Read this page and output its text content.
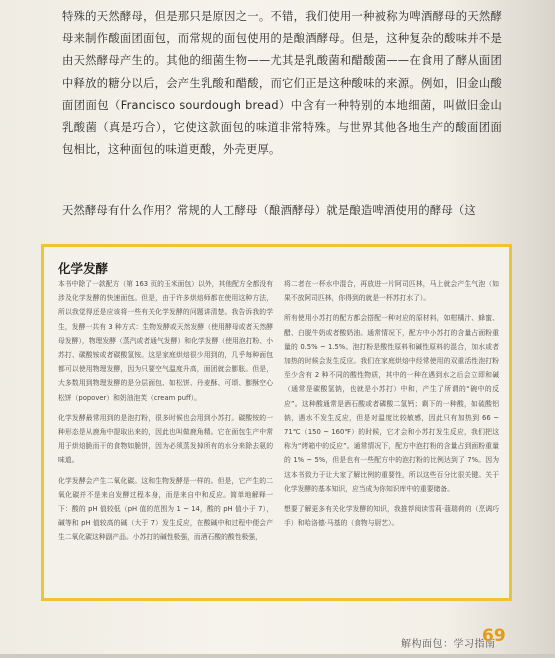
特殊的天然酵母，但是那只是原因之一。不错，我们使用一种被称为啤酒酵母的天然酵母来制作酸面团面包，而常规的面包使用的是酿酒酵母。但是，这种复杂的酸味并不是由天然酵母产生的。其他的细菌生物——尤其是乳酸菌和醋酸菌——在食用了酵从面团中释放的糖分以后，会产生乳酸和醋酸，而它们正是这种酸味的来源。例如，旧金山酸面团面包（Francisco sourdough bread）中含有一种特别的本地细菌，叫做旧金山乳酸菌（真是巧合），它使这款面包的味道非常特殊。与世界其他各地生产的酸面团面包相比，这种面包的味道更酸，外壳更厚。

天然酵母有什么作用？常规的人工酵母（酿酒酵母）就是酿造啤酒使用的酵母（这

化学发酵

本书中除了一款配方（第 163 页的玉米面包）以外，其他配方全都没有涉及化学发酵的快速面包。但是，由于许多烘焙师都在使用这种方法，所以我觉得还是应该将一些有关化学发酵的问题讲清楚。我告诉我的学生，发酵一共有 3 种方式：生物发酵或天然发酵（使用酵母或者天然酵母发酵），物理发酵（蒸汽或者通气发酵）和化学发酵（使用泡打粉、小苏打、碳酸铵或者碳酸氢铵。这是家庭烘焙很少用到的，几乎每种面包都可以使用物理发酵，因为只要空气温度升高，面团就会膨胀。但是，大多数用到物理发酵的是分层面包、如松饼、丹麦酥、可颂、膨酥空心松饼（popover）和奶油泡芙（cream puff）。

化学发酵最常用到的是泡打粉，很多时候也会用到小苏打。碳酸铵的一种形态是从鹿角中提取出来的，因此也叫做鹿角精。它在面包生产中常用于烘焙脆而干的食物如脆饼，因为必须蒸发掉所有的水分来除去氨的味道。

化学发酵会产生二氧化碳。这和生物发酵是一样的。但是，它产生的二氧化碳并不是来自发酵过程本身，而是来自中和反应。简单地解释一下：酸的 pH 值较低（pH 值的范围为 1 ~ 14，酸的 pH 值小于 7），碱等和 pH 值较高的碱（大于 7）发生反应，在酸碱中和过程中便会产生二氧化碳这种副产品。小苏打的碱性极强，而酒石酸的酸性极强，

将二者在一杯水中混合，再放进一片阿司匹林，马上就会产生气泡（如果不放阿司匹林，你得到的就是一杯苏打水了）。

所有使用小苏打的配方都会搭配一种对应的原材料，如柑橘汁、蜂蜜、醋、白脱牛奶或者酸奶油。通常情况下，配方中小苏打的含量占面粉重量的 0.5% ~ 1.5%。泡打粉是酸性原料和碱性原料的混合，加水或者加热的时候会发生反应。我们在家庭烘焙中经常使用的双重活性泡打粉至少含有 2 种不同的酸性物质，其中的一种在遇到水之后会立即和碱（通常是碳酸氢钠，也就是小苏打）中和，产生了所谓的“碗中的反应”。这种酸通常是酒石酸或者磷酸二氢钙；剩下的一种酸，如硫酸铝钠，遇水不发生反应，但是对温度比较敏感，因此只有加热到 66 ~ 71℃（150 ~ 160℉）的时候，它才会和小苏打发生反应，我们把这称为“烤箱中的反应”。通常情况下，配方中泡打粉的含量占到面粉重量的 1% ~ 5%，但是也有一些配方中的泡打粉的比例达到了 7%。因为这本书致力于让大家了解比例的重要性，所以这些百分比很关键。关于化学发酵的基本知识，应当成为你知识库中的重要储备。

想要了解更多有关化学发酵的知识，我推荐阅读雪莉·蔻瑞荷的（烹调巧手）和哈洛德·马基的（食物与厨艺）。

解构面包：学习指南
69
